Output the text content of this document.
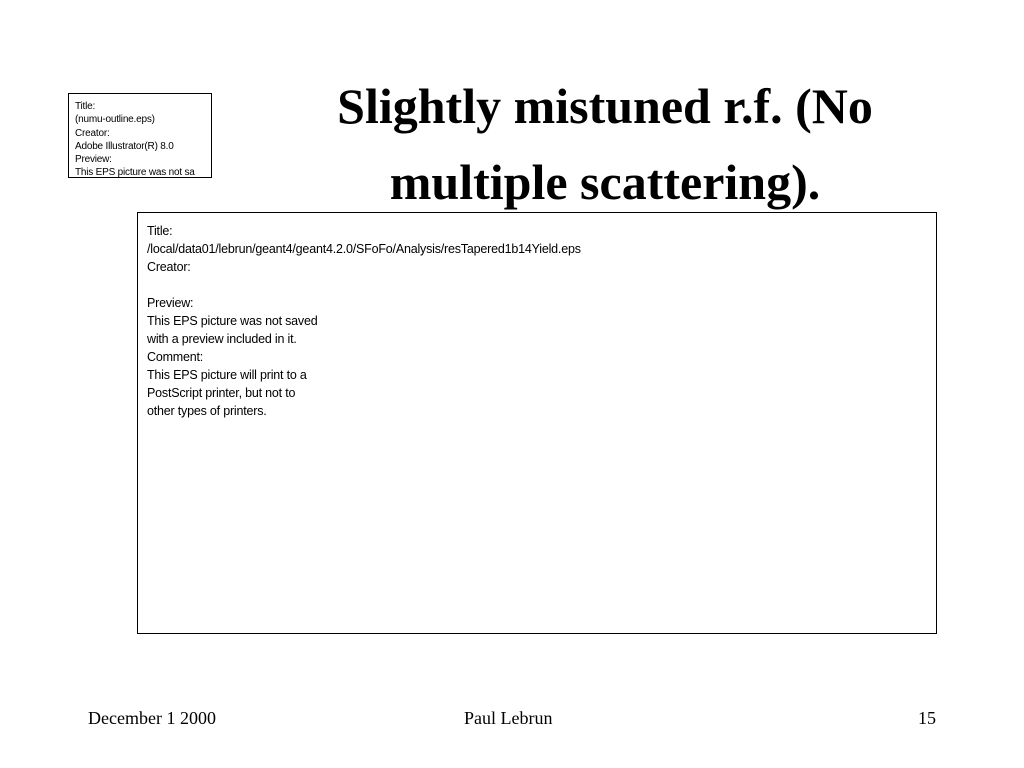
Title:
(numu-outline.eps)
Creator:
Adobe Illustrator(R) 8.0
Preview:
This EPS picture was not sa
Slightly mistuned r.f. (No
multiple scattering).
Title:
/local/data01/lebrun/geant4/geant4.2.0/SFoFo/Analysis/resTapered1b14Yield.eps
Creator:
Preview:
This EPS picture was not saved
with a preview included in it.
Comment:
This EPS picture will print to a
PostScript printer, but not to
other types of printers.
December 1 2000	Paul Lebrun	15
